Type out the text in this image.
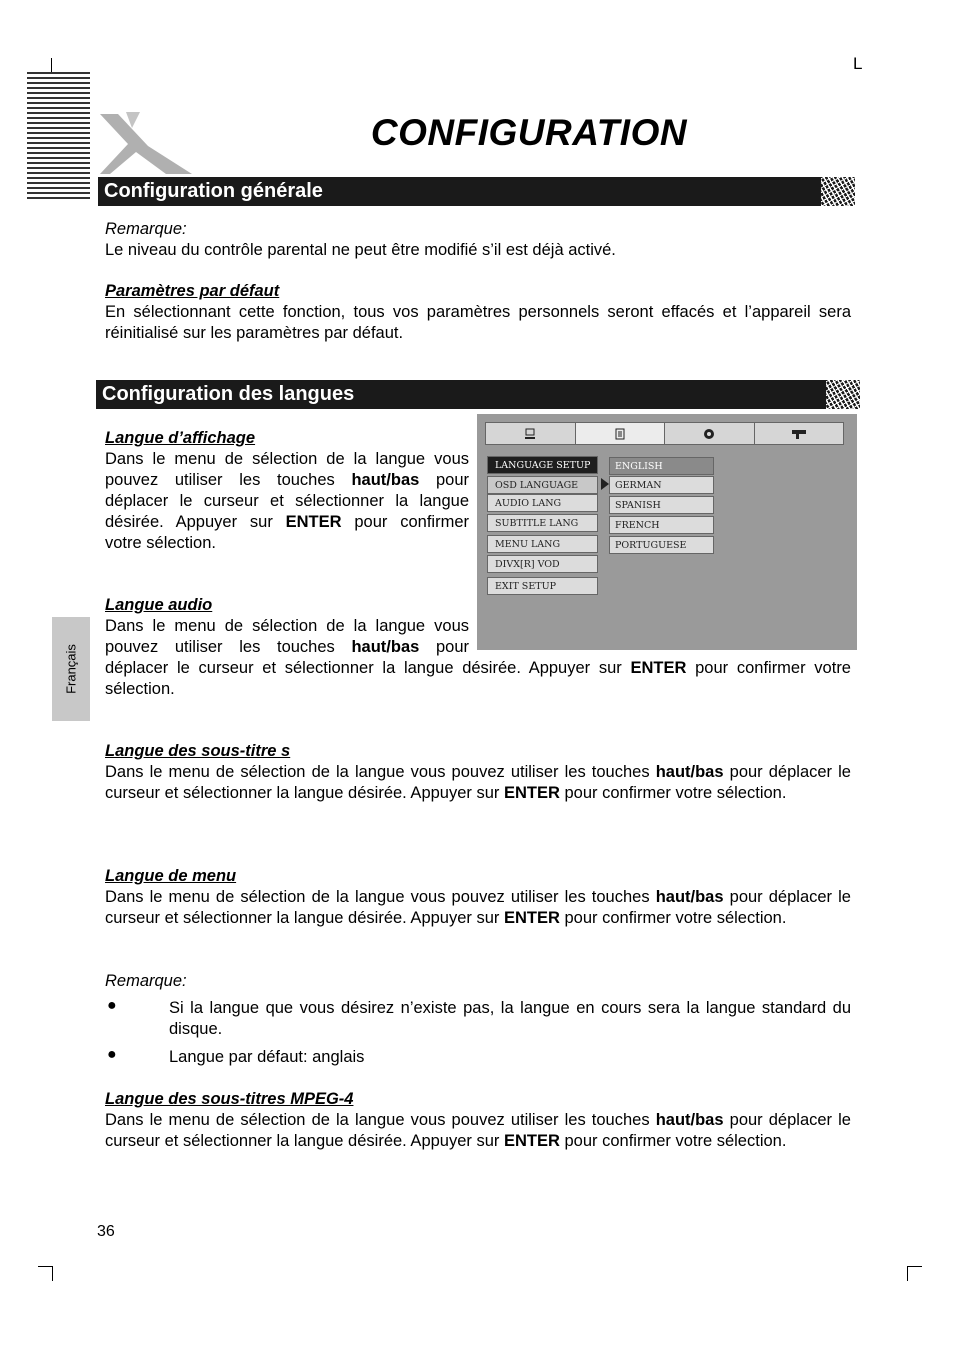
L
CONFIGURATION
Configuration générale
Remarque:
Le niveau du contrôle parental ne peut être modifié s’il est déjà activé.
Paramètres par défaut
En sélectionnant cette fonction, tous vos paramètres personnels seront effacés et l’appareil sera réinitialisé sur les paramètres par défaut.
Configuration des langues
LANGUAGE SETUP
OSD LANGUAGE
AUDIO LANG
SUBTITLE LANG
MENU LANG
DIVX[R] VOD
EXIT SETUP
ENGLISH
GERMAN
SPANISH
FRENCH
PORTUGUESE
Langue d’affichage
Dans le menu de sélection de la langue vous pouvez utiliser les touches haut/bas pour déplacer le curseur et sélectionner la langue désirée. Appuyer sur ENTER pour confirmer votre sélection.
Langue audio
Dans le menu de sélection de la langue vous pouvez utiliser les touches haut/bas pour déplacer le curseur et sélectionner la langue désirée. Appuyer sur ENTER pour confirmer votre sélection.
Français
Langue des sous-titre s
Dans le menu de sélection de la langue vous pouvez utiliser les touches haut/bas pour déplacer le curseur et sélectionner la langue désirée. Appuyer sur ENTER pour confirmer votre sélection.
Langue de menu
Dans le menu de sélection de la langue vous pouvez utiliser les touches haut/bas pour déplacer le curseur et sélectionner la langue désirée. Appuyer sur ENTER pour confirmer votre sélection.
Remarque:
●	Si la langue que vous désirez n’existe pas, la langue en cours sera la langue standard du disque.
●	Langue par défaut: anglais
Langue des sous-titres MPEG-4
Dans le menu de sélection de la langue vous pouvez utiliser les touches haut/bas pour déplacer le curseur et sélectionner la langue désirée. Appuyer sur ENTER pour confirmer votre sélection.
36
